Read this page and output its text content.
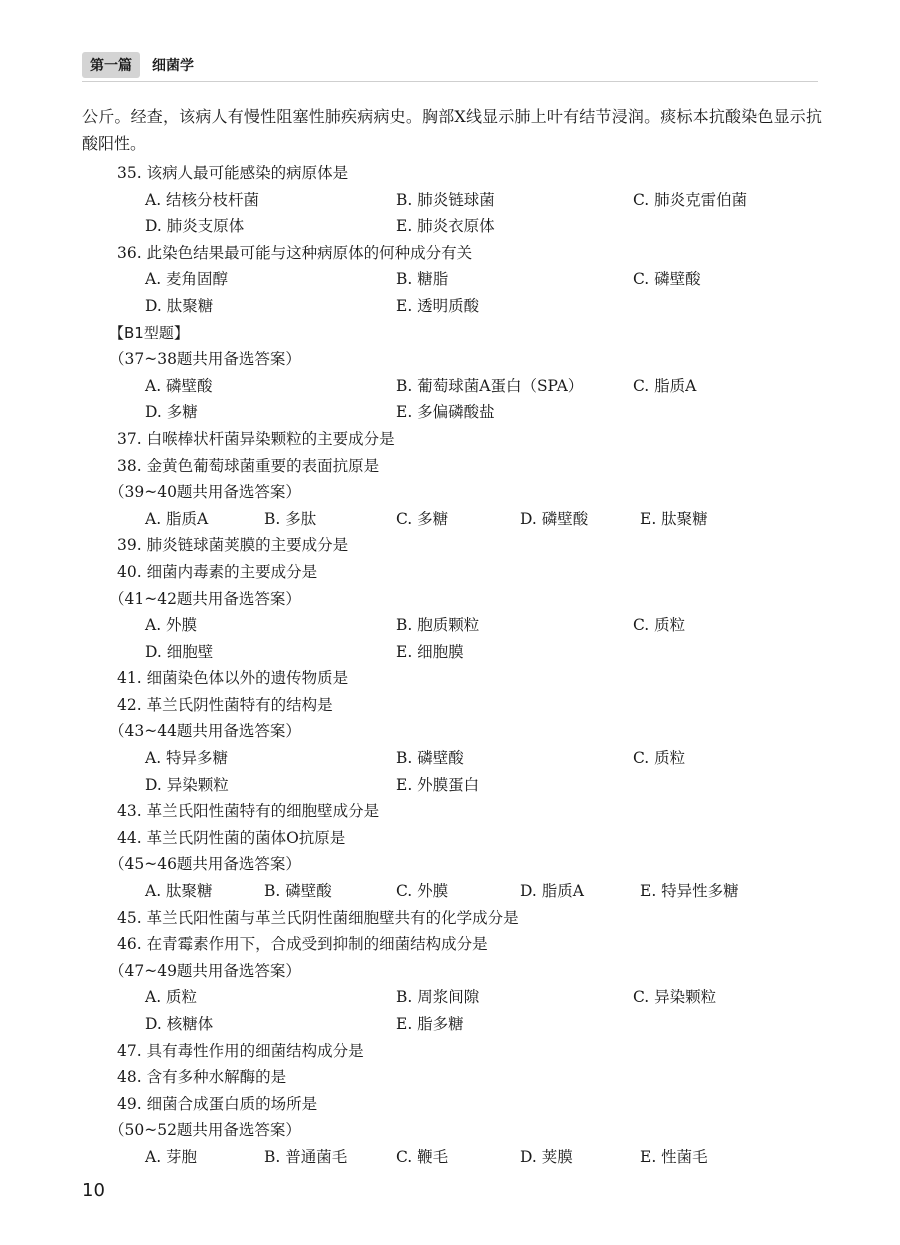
第一篇	细菌学

公斤。经查，该病人有慢性阻塞性肺疾病病史。胸部X线显示肺上叶有结节浸润。痰标本抗酸染色显示抗酸阳性。

35. 该病人最可能感染的病原体是
A. 结核分枝杆菌	B. 肺炎链球菌	C. 肺炎克雷伯菌
D. 肺炎支原体	E. 肺炎衣原体
36. 此染色结果最可能与这种病原体的何种成分有关
A. 麦角固醇	B. 糖脂	C. 磷壁酸
D. 肽聚糖	E. 透明质酸
【B1型题】
（37~38题共用备选答案）
A. 磷壁酸	B. 葡萄球菌A蛋白（SPA）	C. 脂质A
D. 多糖	E. 多偏磷酸盐
37. 白喉棒状杆菌异染颗粒的主要成分是
38. 金黄色葡萄球菌重要的表面抗原是
（39~40题共用备选答案）
A. 脂质A	B. 多肽	C. 多糖	D. 磷壁酸	E. 肽聚糖
39. 肺炎链球菌荚膜的主要成分是
40. 细菌内毒素的主要成分是
（41~42题共用备选答案）
A. 外膜	B. 胞质颗粒	C. 质粒
D. 细胞壁	E. 细胞膜
41. 细菌染色体以外的遗传物质是
42. 革兰氏阴性菌特有的结构是
（43~44题共用备选答案）
A. 特异多糖	B. 磷壁酸	C. 质粒
D. 异染颗粒	E. 外膜蛋白
43. 革兰氏阳性菌特有的细胞壁成分是
44. 革兰氏阴性菌的菌体O抗原是
（45~46题共用备选答案）
A. 肽聚糖	B. 磷壁酸	C. 外膜	D. 脂质A	E. 特异性多糖
45. 革兰氏阳性菌与革兰氏阴性菌细胞壁共有的化学成分是
46. 在青霉素作用下，合成受到抑制的细菌结构成分是
（47~49题共用备选答案）
A. 质粒	B. 周浆间隙	C. 异染颗粒
D. 核糖体	E. 脂多糖
47. 具有毒性作用的细菌结构成分是
48. 含有多种水解酶的是
49. 细菌合成蛋白质的场所是
（50~52题共用备选答案）
A. 芽胞	B. 普通菌毛	C. 鞭毛	D. 荚膜	E. 性菌毛
10
